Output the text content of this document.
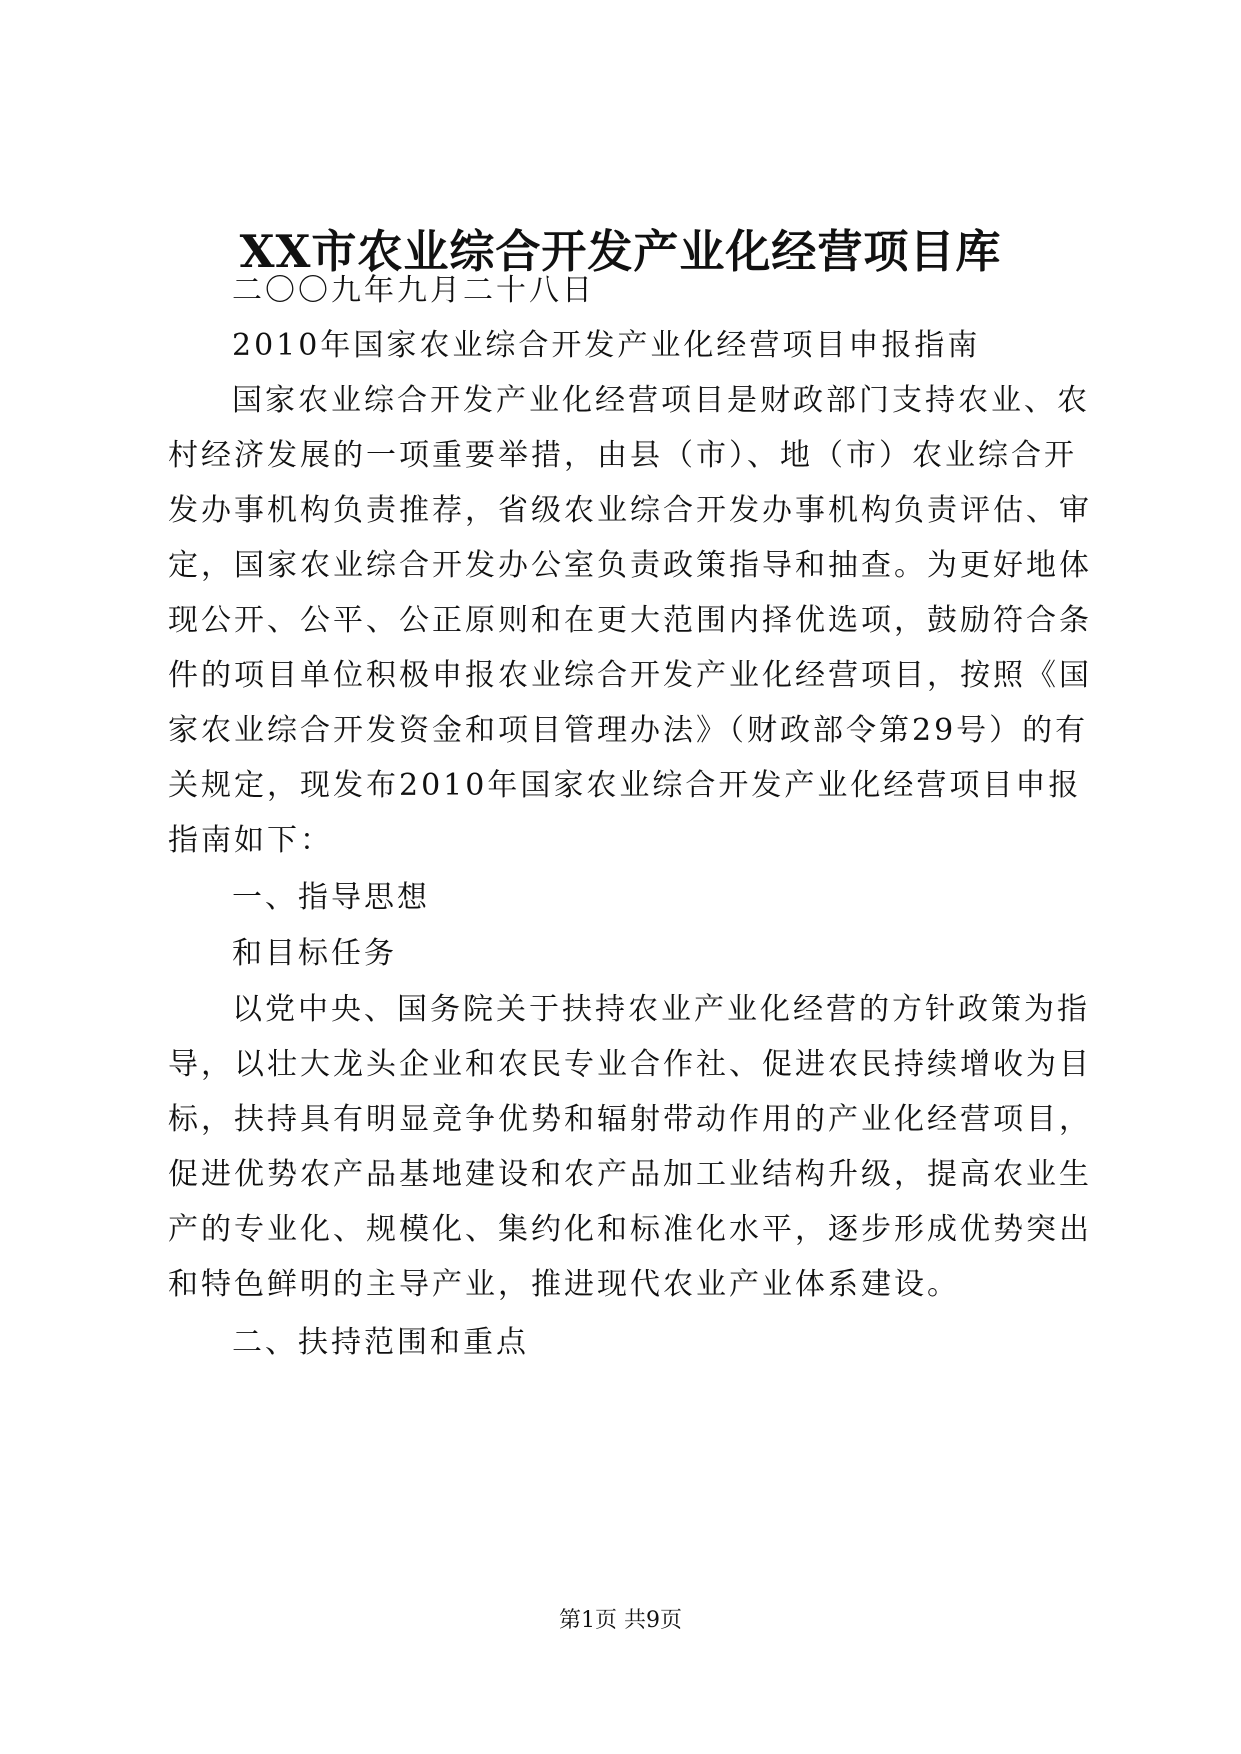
XX市农业综合开发产业化经营项目库
二〇〇九年九月二十八日
2010年国家农业综合开发产业化经营项目申报指南
国家农业综合开发产业化经营项目是财政部门支持农业、农
村经济发展的一项重要举措，由县（市）、地（市）农业综合开
发办事机构负责推荐，省级农业综合开发办事机构负责评估、审
定，国家农业综合开发办公室负责政策指导和抽查。为更好地体
现公开、公平、公正原则和在更大范围内择优选项，鼓励符合条
件的项目单位积极申报农业综合开发产业化经营项目，按照《国
家农业综合开发资金和项目管理办法》（财政部令第29号）的有
关规定，现发布2010年国家农业综合开发产业化经营项目申报
指南如下：
一、指导思想
和目标任务
以党中央、国务院关于扶持农业产业化经营的方针政策为指
导，以壮大龙头企业和农民专业合作社、促进农民持续增收为目
标，扶持具有明显竞争优势和辐射带动作用的产业化经营项目，
促进优势农产品基地建设和农产品加工业结构升级，提高农业生
产的专业化、规模化、集约化和标准化水平，逐步形成优势突出
和特色鲜明的主导产业，推进现代农业产业体系建设。
二、扶持范围和重点
第1页 共9页
